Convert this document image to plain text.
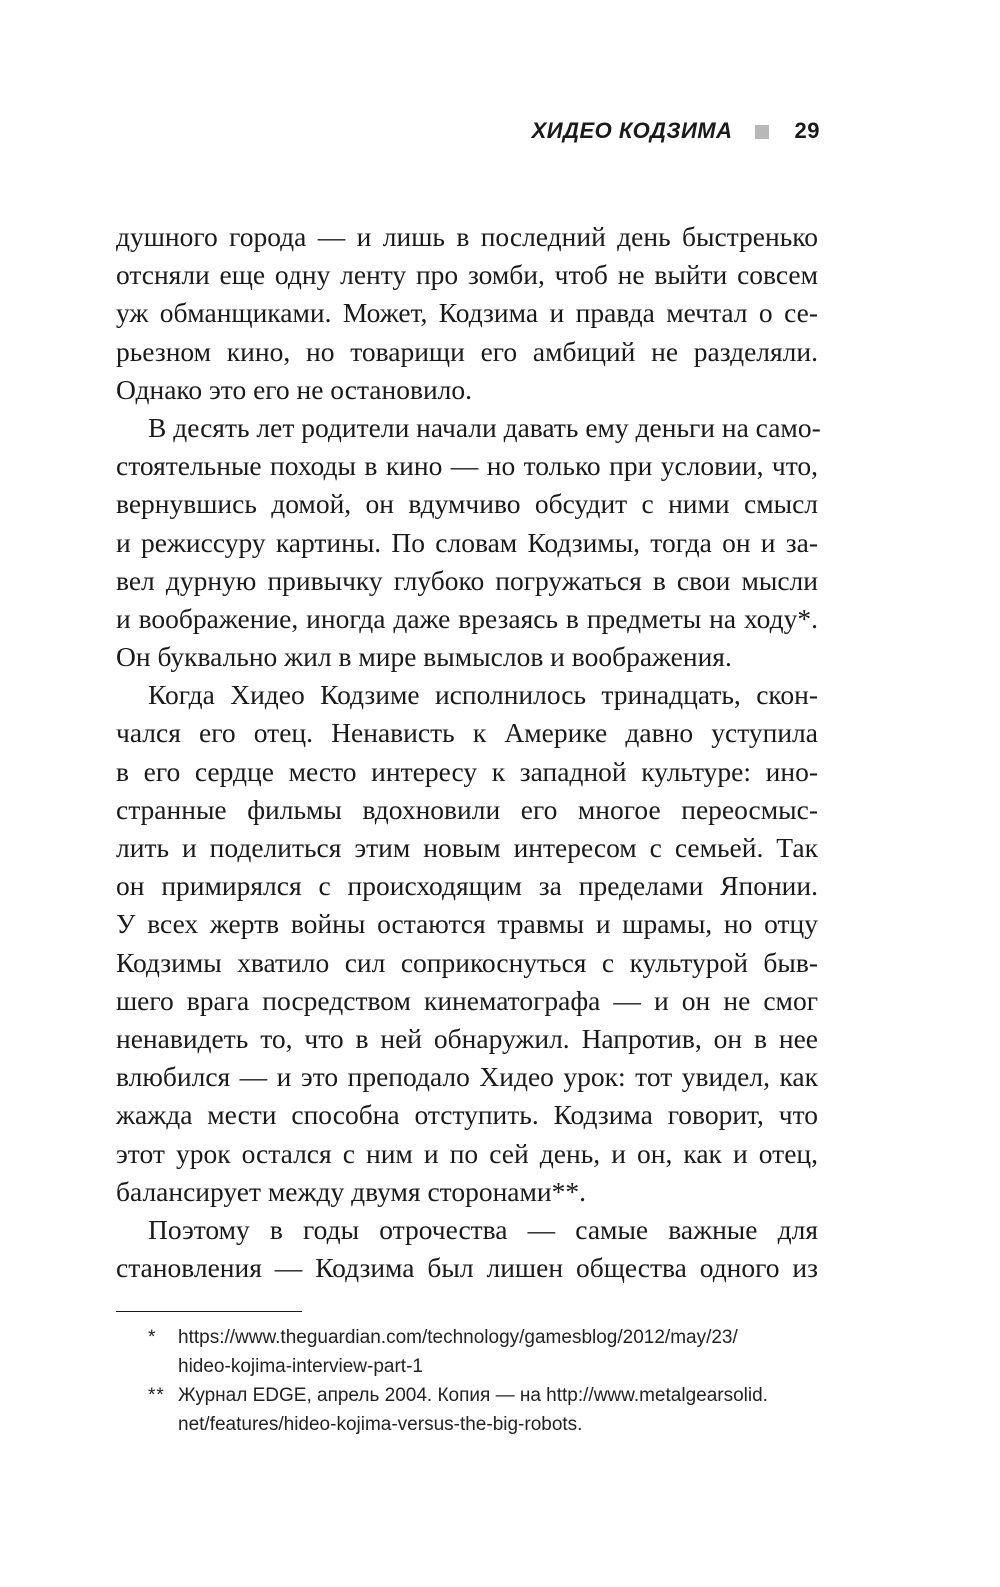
ХИДЕО КОДЗИМА	29
душного города — и лишь в последний день быстренько
отсняли еще одну ленту про зомби, чтоб не выйти совсем
уж обманщиками. Может, Кодзима и правда мечтал о се-
рьезном кино, но товарищи его амбиций не разделяли.
Однако это его не остановило.
В десять лет родители начали давать ему деньги на само-
стоятельные походы в кино — но только при условии, что,
вернувшись домой, он вдумчиво обсудит с ними смысл
и режиссуру картины. По словам Кодзимы, тогда он и за-
вел дурную привычку глубоко погружаться в свои мысли
и воображение, иногда даже врезаясь в предметы на ходу*.
Он буквально жил в мире вымыслов и воображения.
Когда Хидео Кодзиме исполнилось тринадцать, скон-
чался его отец. Ненависть к Америке давно уступила
в его сердце место интересу к западной культуре: ино-
странные фильмы вдохновили его многое переосмыс-
лить и поделиться этим новым интересом с семьей. Так
он примирялся с происходящим за пределами Японии.
У всех жертв войны остаются травмы и шрамы, но отцу
Кодзимы хватило сил соприкоснуться с культурой быв-
шего врага посредством кинематографа — и он не смог
ненавидеть то, что в ней обнаружил. Напротив, он в нее
влюбился — и это преподало Хидео урок: тот увидел, как
жажда мести способна отступить. Кодзима говорит, что
этот урок остался с ним и по сей день, и он, как и отец,
балансирует между двумя сторонами**.
Поэтому в годы отрочества — самые важные для
становления — Кодзима был лишен общества одного из
* https://www.theguardian.com/technology/gamesblog/2012/may/23/
hideo-kojima-interview-part-1
** Журнал EDGE, апрель 2004. Копия — на http://www.metalgearsolid.
net/features/hideo-kojima-versus-the-big-robots.
